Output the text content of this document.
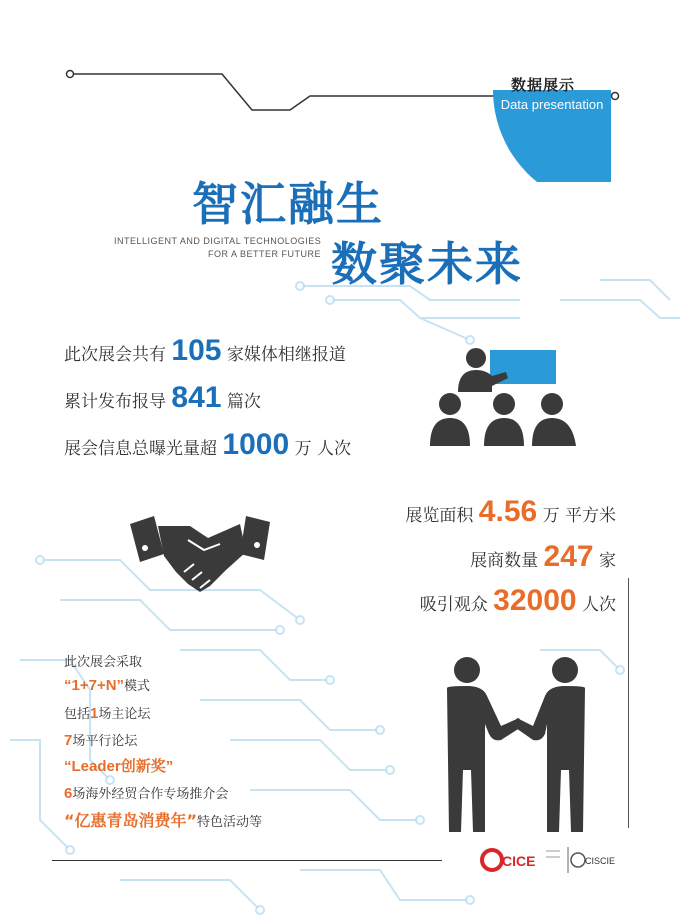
数据展示
Data presentation
智汇融生
INTELLIGENT AND DIGITAL TECHNOLOGIES
FOR A BETTER FUTURE 数聚未来
此次展会共有 105 家媒体相继报道
累计发布报导 841 篇次
展会信息总曝光量超 1000 万 人次
展览面积 4.56 万 平方米
展商数量 247 家
吸引观众 32000 人次
此次展会采取
“1+7+N”模式
包括1场主论坛
7场平行论坛
“Leader创新奖”
6场海外经贸合作专场推介会
“亿惠青岛消费年”特色活动等
CICE	CISCIE
